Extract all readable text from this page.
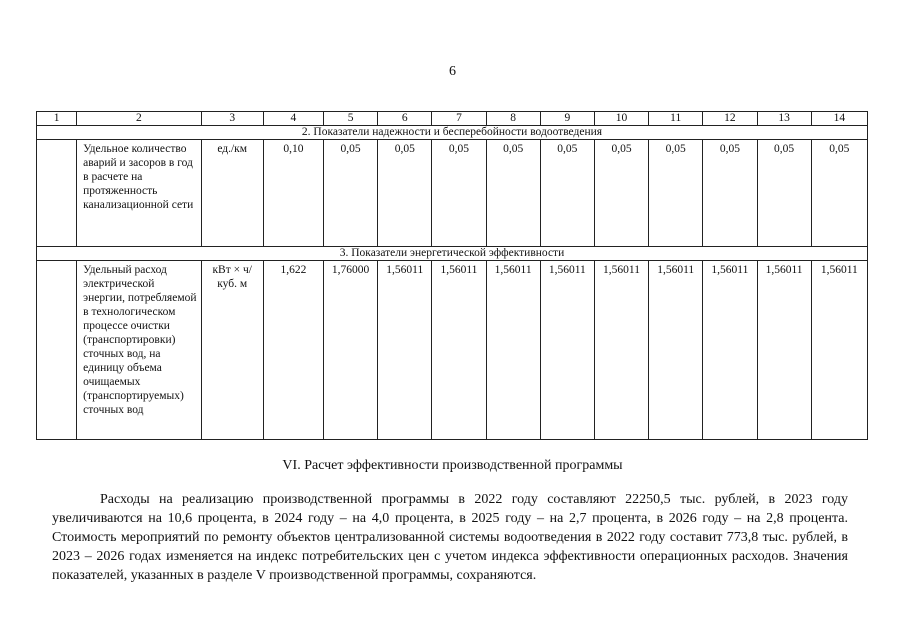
6
1	2	3	4	5	6	7	8	9	10	11	12	13	14
2. Показатели надежности и бесперебойности водоотведения													
	Удельное количество аварий и засоров в год в расчете на протяженность канализационной сети	ед./км	0,10	0,05	0,05	0,05	0,05	0,05	0,05	0,05	0,05	0,05	0,05
3. Показатели энергетической эффективности													
	Удельный расход электрической энергии, потребляемой в технологическом процессе очистки (транспортировки) сточных вод, на единицу объема очищаемых (транспортируемых) сточных вод	кВт × ч/ куб. м	1,622	1,76000	1,56011	1,56011	1,56011	1,56011	1,56011	1,56011	1,56011	1,56011	1,56011
VI. Расчет эффективности производственной программы

Расходы на реализацию производственной программы в 2022 году составляют 22250,5 тыс. рублей, в 2023 году увеличиваются на 10,6 процента, в 2024 году – на 4,0 процента, в 2025 году – на 2,7 процента, в 2026 году – на 2,8 процента. Стоимость мероприятий по ремонту объектов централизованной системы водоотведения в 2022 году составит 773,8 тыс. рублей, в 2023 – 2026 годах изменяется на индекс потребительских цен с учетом индекса эффективности операционных расходов. Значения показателей, указанных в разделе V производственной программы, сохраняются.
